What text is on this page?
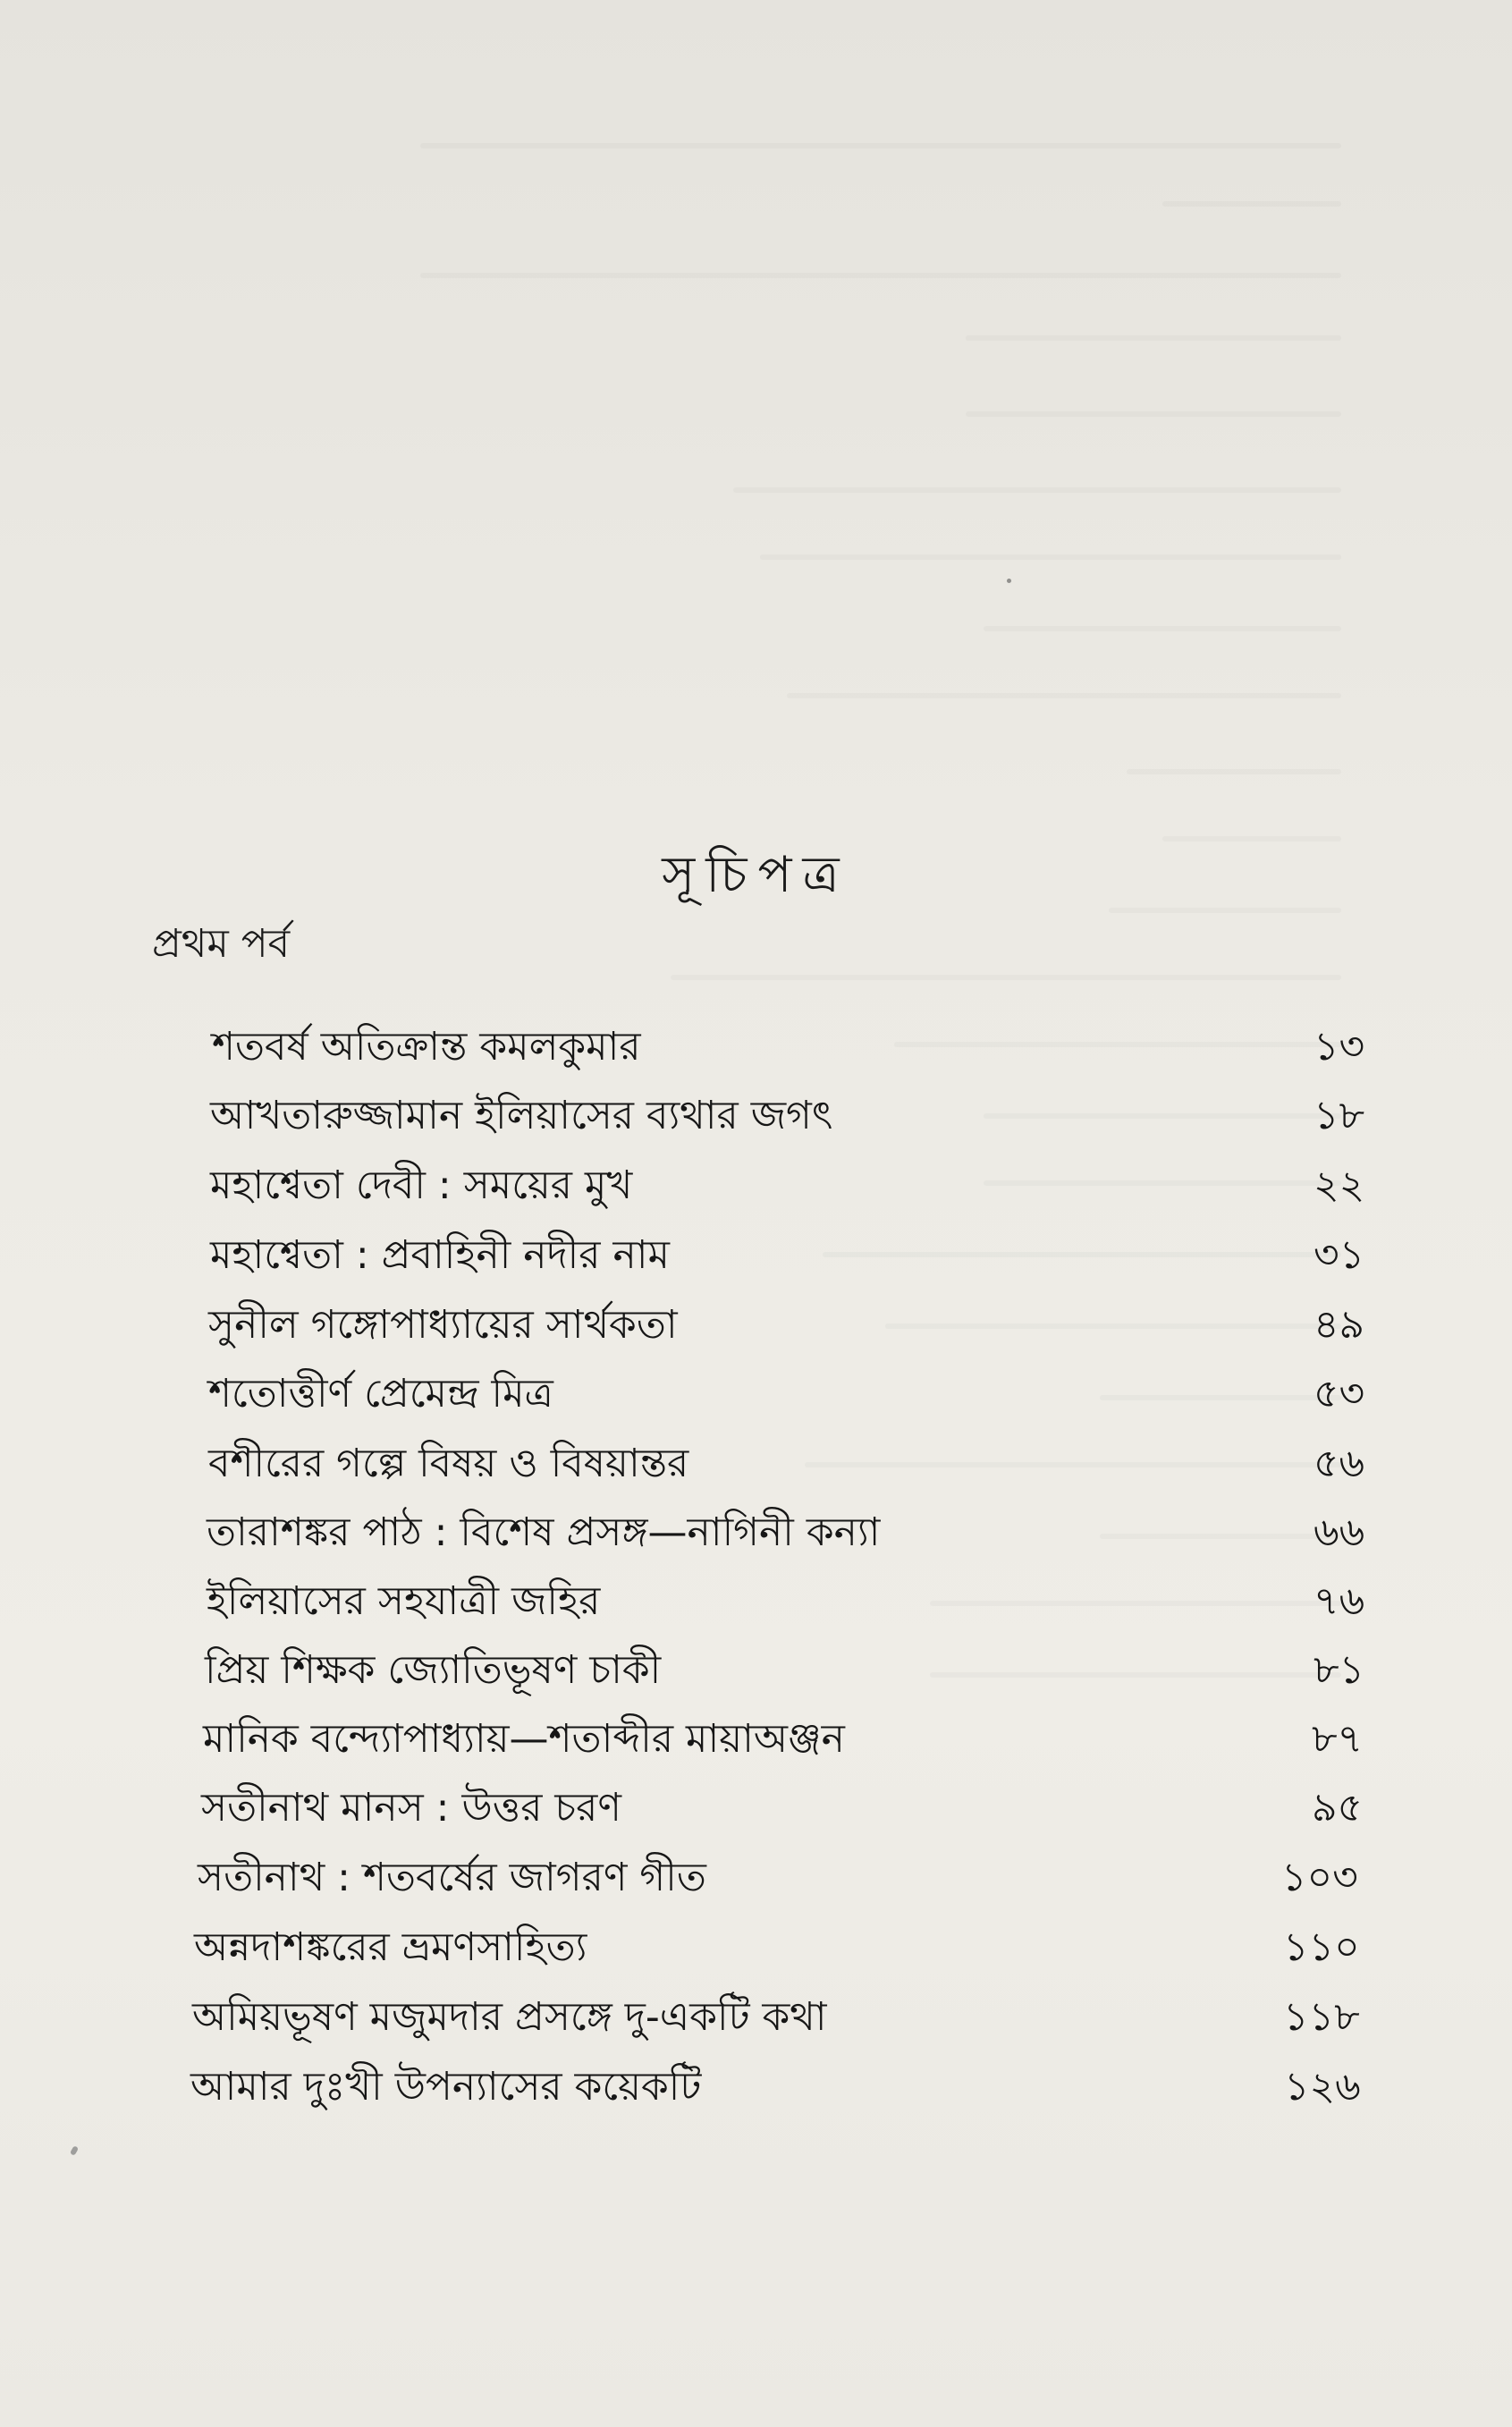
সূচিপত্র
প্রথম পর্ব
শতবর্ষ অতিক্রান্ত কমলকুমার	১৩
আখতারুজ্জামান ইলিয়াসের ব্যথার জগৎ	১৮
মহাশ্বেতা দেবী : সময়ের মুখ	২২
মহাশ্বেতা : প্রবাহিনী নদীর নাম	৩১
সুনীল গঙ্গোপাধ্যায়ের সার্থকতা	৪৯
শতোত্তীর্ণ প্রেমেন্দ্র মিত্র	৫৩
বশীরের গল্পে বিষয় ও বিষয়ান্তর	৫৬
তারাশঙ্কর পাঠ : বিশেষ প্রসঙ্গ—নাগিনী কন্যা	৬৬
ইলিয়াসের সহযাত্রী জহির	৭৬
প্রিয় শিক্ষক জ্যোতিভূষণ চাকী	৮১
মানিক বন্দ্যোপাধ্যায়—শতাব্দীর মায়াঅঞ্জন	৮৭
সতীনাথ মানস : উত্তর চরণ	৯৫
সতীনাথ : শতবর্ষের জাগরণ গীত	১০৩
অন্নদাশঙ্করের ভ্রমণসাহিত্য	১১০
অমিয়ভূষণ মজুমদার প্রসঙ্গে দু-একটি কথা	১১৮
আমার দুঃখী উপন্যাসের কয়েকটি	১২৬
